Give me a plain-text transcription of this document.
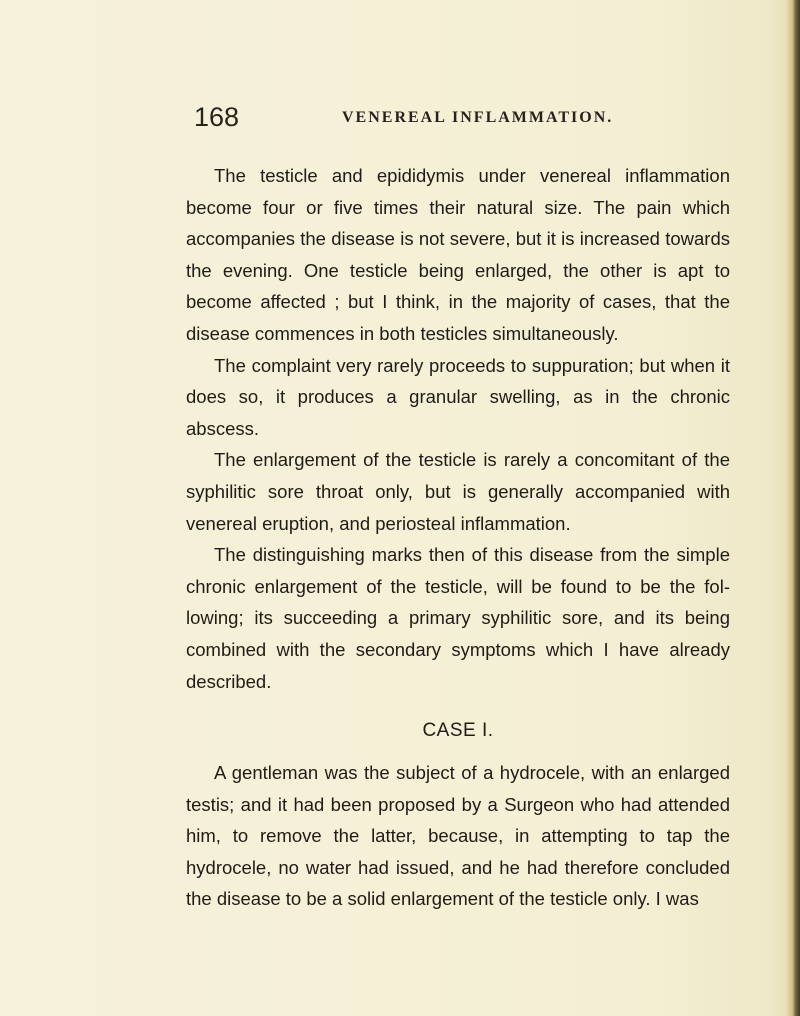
168	VENEREAL INFLAMMATION.

The testicle and epididymis under venereal inflammation become four or five times their natural size. The pain which accompanies the disease is not severe, but it is increased towards the evening. One testicle being enlarged, the other is apt to become affected ; but I think, in the majority of cases, that the disease commences in both testicles simultaneously.

The complaint very rarely proceeds to suppuration; but when it does so, it produces a granular swelling, as in the chronic abscess.

The enlargement of the testicle is rarely a concomitant of the syphilitic sore throat only, but is generally accompanied with venereal eruption, and periosteal inflammation.

The distinguishing marks then of this disease from the simple chronic enlargement of the testicle, will be found to be the fol- lowing; its succeeding a primary syphilitic sore, and its being combined with the secondary symptoms which I have already described.

CASE I.

A gentleman was the subject of a hydrocele, with an enlarged testis; and it had been proposed by a Surgeon who had attended him, to remove the latter, because, in attempting to tap the hydrocele, no water had issued, and he had therefore concluded the disease to be a solid enlargement of the testicle only. I was
